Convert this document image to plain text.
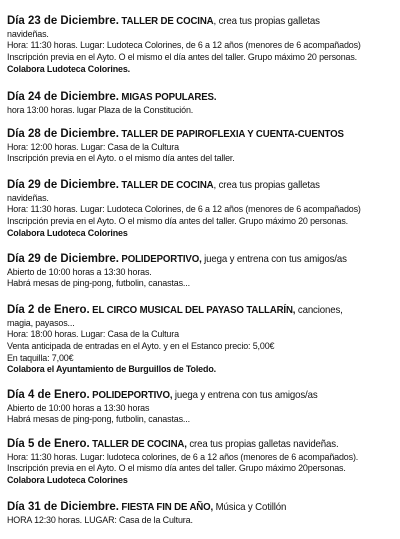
Día 23 de Diciembre. TALLER DE COCINA, crea tus propias galletas
navideñas.
Hora: 11:30 horas. Lugar: Ludoteca Colorines, de 6 a 12 años (menores de 6 acompañados)
Inscripción previa en el Ayto. O el mismo el día antes del taller. Grupo máximo 20 personas.
Colabora Ludoteca Colorines.
Día 24 de Diciembre. MIGAS POPULARES.
hora 13:00 horas. lugar Plaza de la Constitución.
Día 28 de Diciembre. TALLER DE PAPIROFLEXIA Y CUENTA-CUENTOS
Hora: 12:00 horas. Lugar: Casa de la Cultura
Inscripción previa en el Ayto. o el mismo día antes del taller.
Día 29 de Diciembre. TALLER DE COCINA, crea tus propias galletas
navideñas.
Hora: 11:30 horas. Lugar: Ludoteca Colorines, de 6 a 12 años (menores de 6 acompañados)
Inscripción previa en el Ayto. O el mismo día antes del taller. Grupo máximo 20 personas.
Colabora Ludoteca Colorines
Día 29 de Diciembre. POLIDEPORTIVO, juega y entrena con tus amigos/as
Abierto de 10:00 horas a 13:30 horas.
Habrá mesas de ping-pong, futbolin, canastas...
Día 2 de Enero. EL CIRCO MUSICAL DEL PAYASO TALLARÍN, canciones,
magia, payasos...
Hora: 18:00 horas. Lugar: Casa de la Cultura
Venta anticipada de entradas en el Ayto. y en el Estanco precio: 5,00€
En taquilla: 7,00€
Colabora el Ayuntamiento de Burguillos de Toledo.
Día 4 de Enero. POLIDEPORTIVO, juega y entrena con tus amigos/as
Abierto de 10:00 horas a 13:30 horas
Habrá mesas de ping-pong, futbolin, canastas...
Día 5 de Enero. TALLER DE COCINA, crea tus propias galletas navideñas.
Hora: 11:30 horas. Lugar: ludoteca colorines, de 6 a 12 años (menores de 6 acompañados).
Inscripción previa en el Ayto. O el mismo día antes del taller. Grupo máximo 20personas.
Colabora Ludoteca Colorines
Día 31 de Diciembre. FIESTA FIN DE AÑO, Música y Cotillón
HORA 12:30 horas. LUGAR: Casa de la Cultura.
